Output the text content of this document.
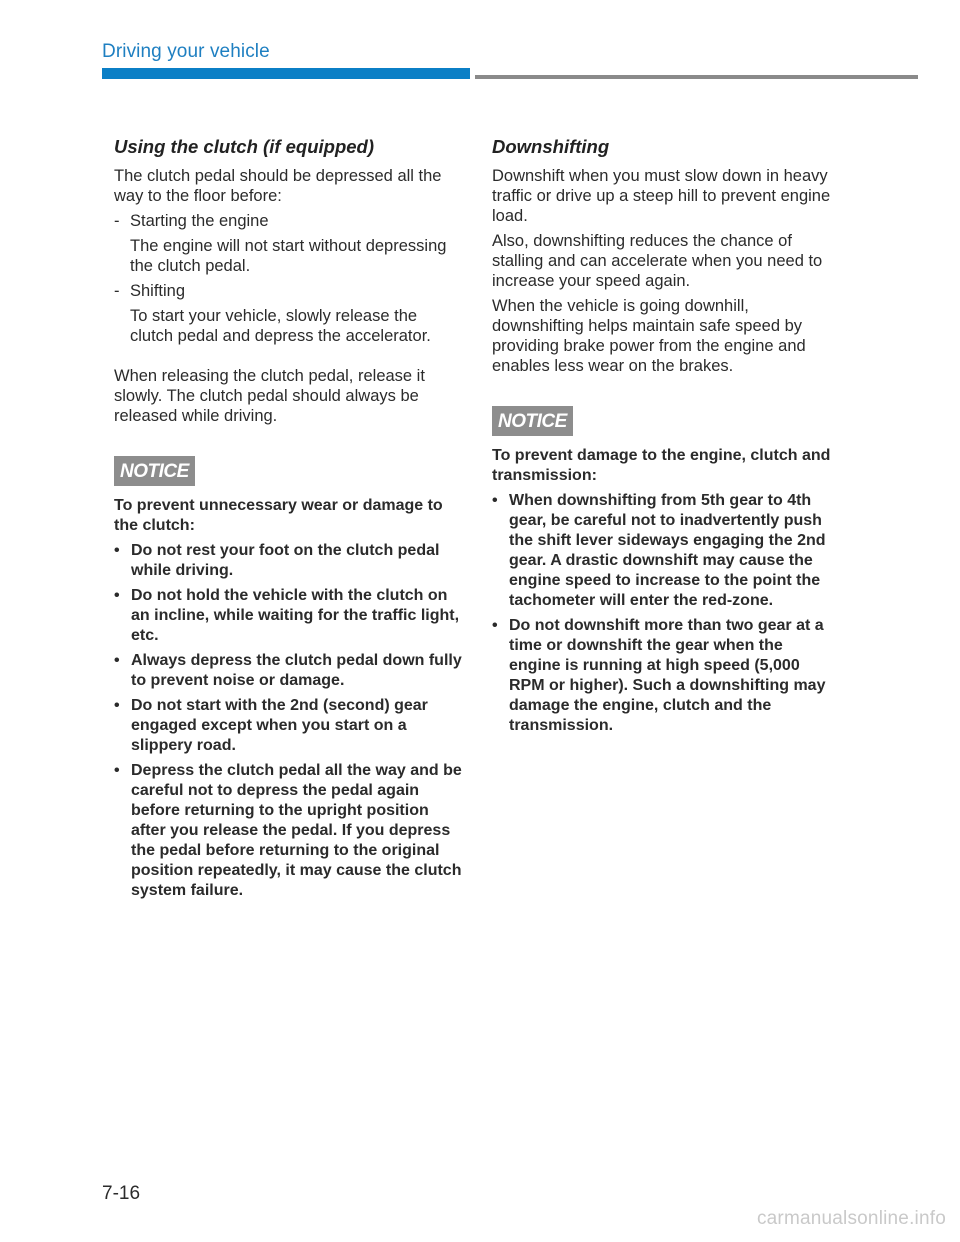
Driving your vehicle
Using the clutch (if equipped)

The clutch pedal should be depressed all the way to the floor before:

- Starting the engine
The engine will not start without depressing the clutch pedal.
- Shifting
To start your vehicle, slowly release the clutch pedal and depress the accelerator.

When releasing the clutch pedal, release it slowly. The clutch pedal should always be released while driving.

NOTICE
To prevent unnecessary wear or damage to the clutch:
• Do not rest your foot on the clutch pedal while driving.
• Do not hold the vehicle with the clutch on an incline, while waiting for the traffic light, etc.
• Always depress the clutch pedal down fully to prevent noise or damage.
• Do not start with the 2nd (second) gear engaged except when you start on a slippery road.
• Depress the clutch pedal all the way and be careful not to depress the pedal again before returning to the upright position after you release the pedal. If you depress the pedal before returning to the original position repeatedly, it may cause the clutch system failure.
Downshifting

Downshift when you must slow down in heavy traffic or drive up a steep hill to prevent engine load.

Also, downshifting reduces the chance of stalling and can accelerate when you need to increase your speed again.

When the vehicle is going downhill, downshifting helps maintain safe speed by providing brake power from the engine and enables less wear on the brakes.

NOTICE
To prevent damage to the engine, clutch and transmission:
• When downshifting from 5th gear to 4th gear, be careful not to inadvertently push the shift lever sideways engaging the 2nd gear. A drastic downshift may cause the engine speed to increase to the point the tachometer will enter the red-zone.
• Do not downshift more than two gear at a time or downshift the gear when the engine is running at high speed (5,000 RPM or higher). Such a downshifting may damage the engine, clutch and the transmission.
7-16
carmanualsonline.info
